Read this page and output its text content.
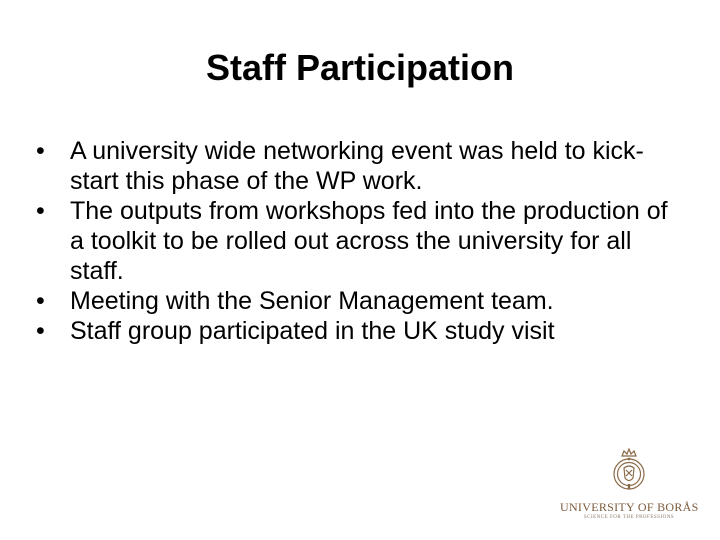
Staff Participation
•	A university wide networking event was held to kick-start this phase of the WP work.
•	The outputs from workshops fed into the production of a toolkit to be rolled out across the university for all staff.
•	Meeting with the Senior Management team.
•	Staff group participated in the UK study visit
UNIVERSITY OF BORÅS
SCIENCE FOR THE PROFESSIONS
